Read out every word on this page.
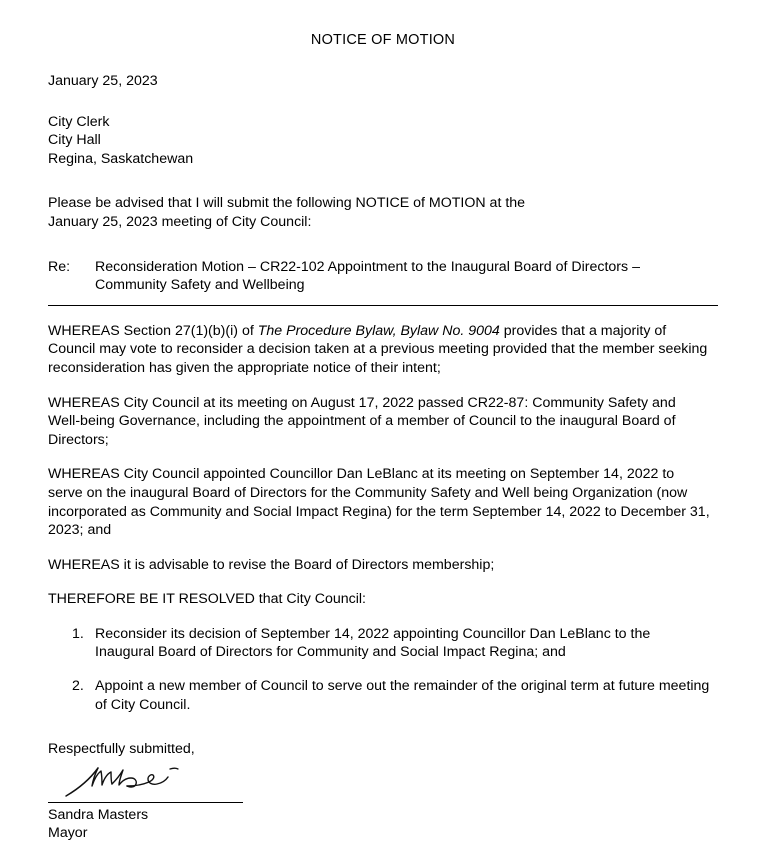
NOTICE OF MOTION

January 25, 2023

City Clerk

City Hall

Regina, Saskatchewan

Please be advised that I will submit the following NOTICE of MOTION at the

January 25, 2023 meeting of City Council:

Re:	Reconsideration Motion – CR22-102 Appointment to the Inaugural Board of Directors –

Community Safety and Wellbeing

WHEREAS Section 27(1)(b)(i) of The Procedure Bylaw, Bylaw No. 9004 provides that a majority of Council may vote to reconsider a decision taken at a previous meeting provided that the member seeking reconsideration has given the appropriate notice of their intent;

WHEREAS City Council at its meeting on August 17, 2022 passed CR22-87: Community Safety and Well-being Governance, including the appointment of a member of Council to the inaugural Board of Directors;

WHEREAS City Council appointed Councillor Dan LeBlanc at its meeting on September 14, 2022 to serve on the inaugural Board of Directors for the Community Safety and Well being Organization (now incorporated as Community and Social Impact Regina) for the term September 14, 2022 to December 31, 2023; and

WHEREAS it is advisable to revise the Board of Directors membership;

THEREFORE BE IT RESOLVED that City Council:

1. Reconsider its decision of September 14, 2022 appointing Councillor Dan LeBlanc to the Inaugural Board of Directors for Community and Social Impact Regina; and
2. Appoint a new member of Council to serve out the remainder of the original term at future meeting of City Council.

Respectfully submitted,

Sandra Masters

Mayor
